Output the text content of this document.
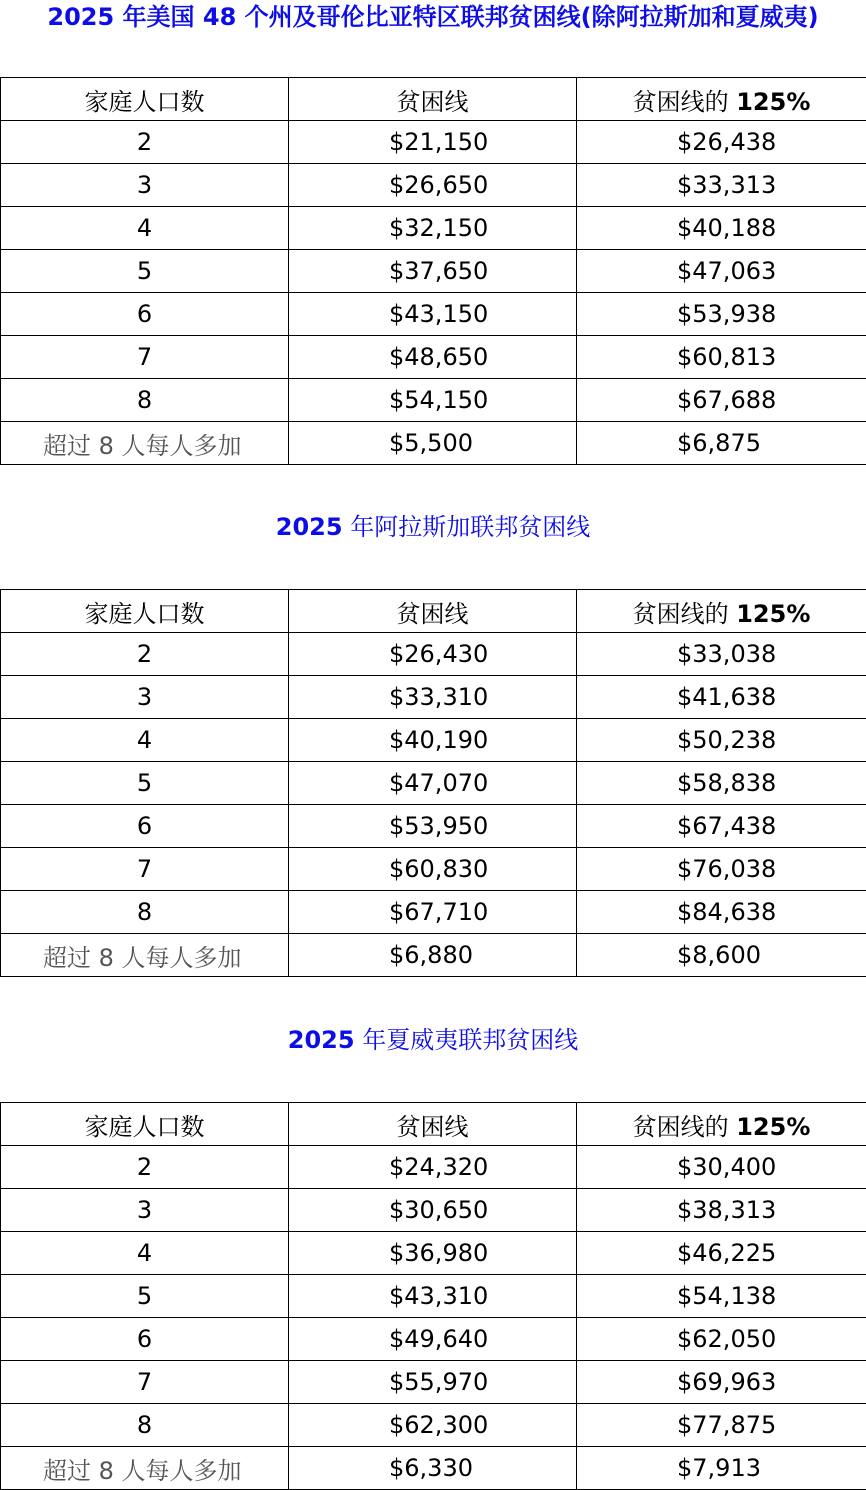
2025 年美国 48 个州及哥伦比亚特区联邦贫困线(除阿拉斯加和夏威夷)
家庭人口数	贫困线	贫困线的 125%
2	$21,150	$26,438
3	$26,650	$33,313
4	$32,150	$40,188
5	$37,650	$47,063
6	$43,150	$53,938
7	$48,650	$60,813
8	$54,150	$67,688
超过 8 人每人多加	$5,500	$6,875
2025 年阿拉斯加联邦贫困线
家庭人口数	贫困线	贫困线的 125%
2	$26,430	$33,038
3	$33,310	$41,638
4	$40,190	$50,238
5	$47,070	$58,838
6	$53,950	$67,438
7	$60,830	$76,038
8	$67,710	$84,638
超过 8 人每人多加	$6,880	$8,600
2025 年夏威夷联邦贫困线
家庭人口数	贫困线	贫困线的 125%
2	$24,320	$30,400
3	$30,650	$38,313
4	$36,980	$46,225
5	$43,310	$54,138
6	$49,640	$62,050
7	$55,970	$69,963
8	$62,300	$77,875
超过 8 人每人多加	$6,330	$7,913
